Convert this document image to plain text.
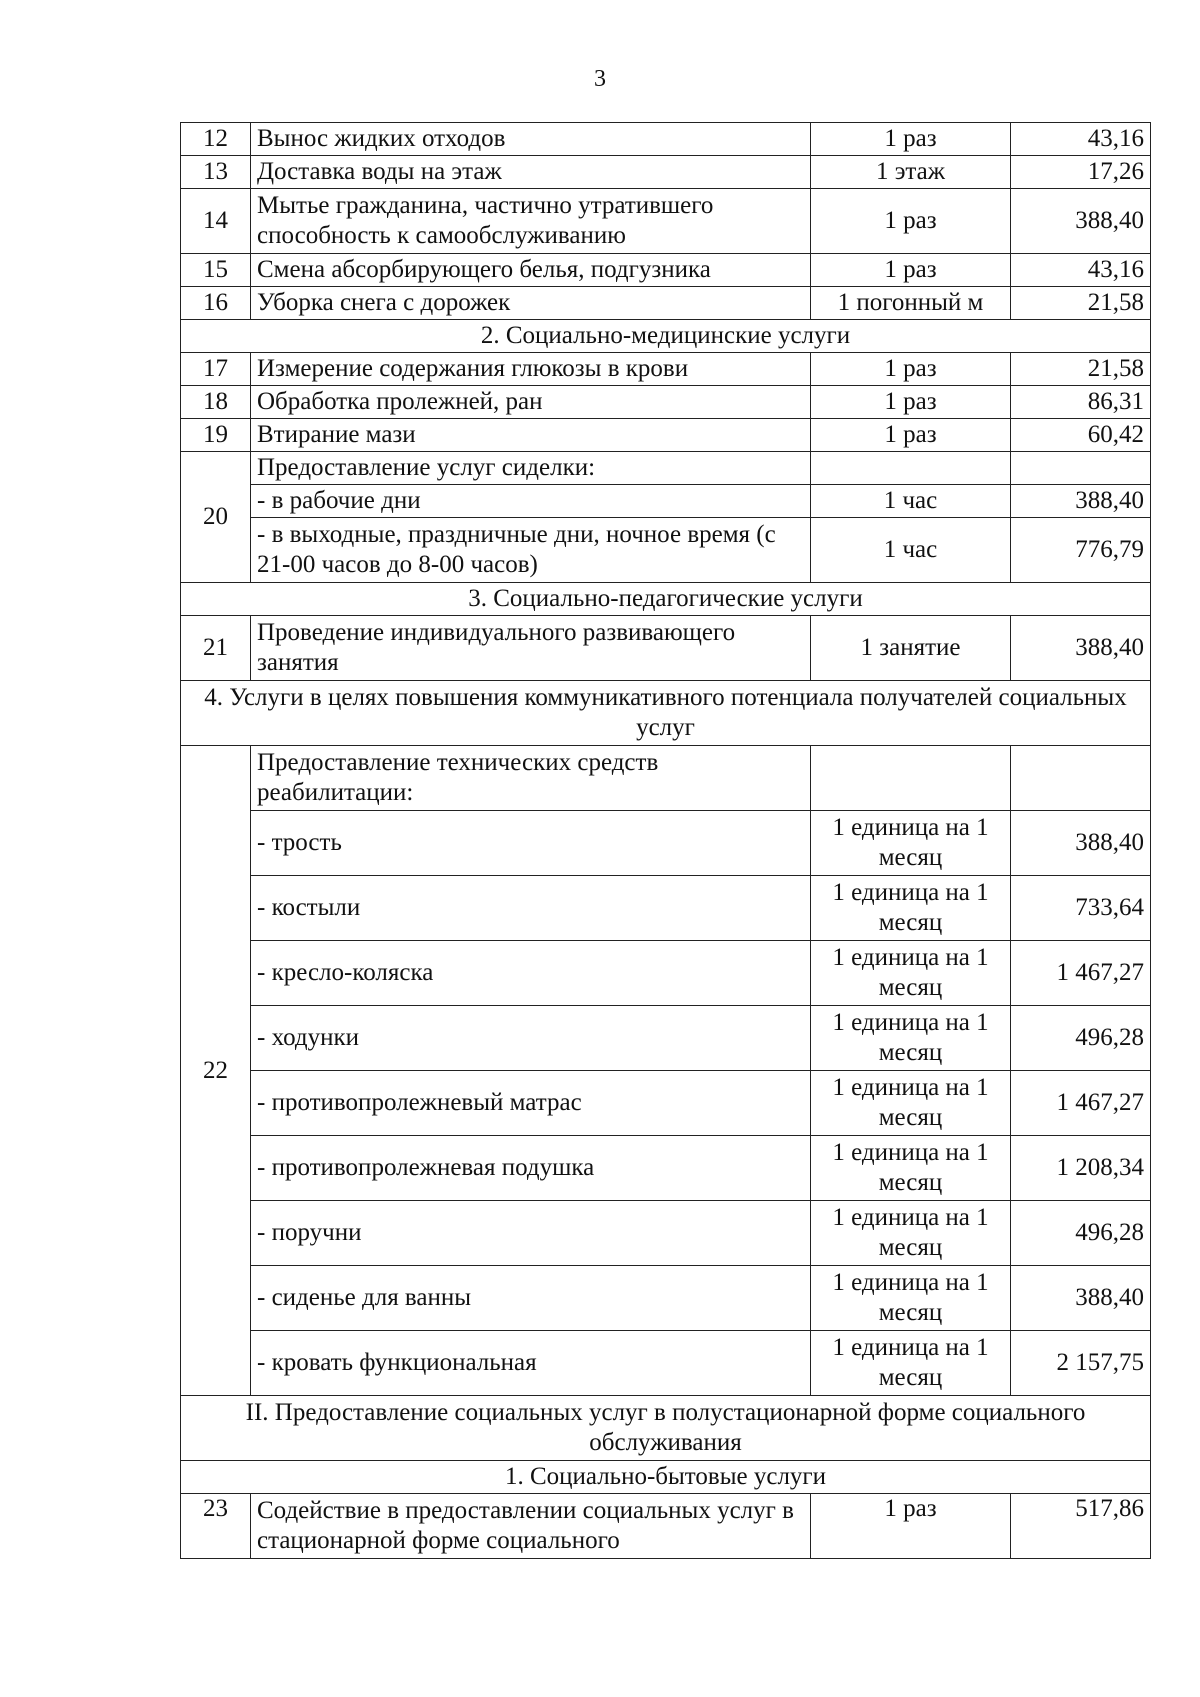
3
12	Вынос жидких отходов	1 раз	43,16
13	Доставка воды на этаж	1 этаж	17,26
14	Мытье гражданина, частично утратившего способность к самообслуживанию	1 раз	388,40
15	Смена абсорбирующего белья, подгузника	1 раз	43,16
16	Уборка снега с дорожек	1 погонный м	21,58
2. Социально-медицинские услуги			
17	Измерение содержания глюкозы в крови	1 раз	21,58
18	Обработка пролежней, ран	1 раз	86,31
19	Втирание мази	1 раз	60,42
20	Предоставление услуг сиделки:		
	- в рабочие дни	1 час	388,40
	- в выходные, праздничные дни, ночное время (с 21-00 часов до 8-00 часов)	1 час	776,79
3. Социально-педагогические услуги			
21	Проведение индивидуального развивающего занятия	1 занятие	388,40
4. Услуги в целях повышения коммуникативного потенциала получателей социальных услуг			
22	Предоставление технических средств реабилитации:		
	- трость	1 единица на 1 месяц	388,40
	- костыли	1 единица на 1 месяц	733,64
	- кресло-коляска	1 единица на 1 месяц	1 467,27
	- ходунки	1 единица на 1 месяц	496,28
	- противопролежневый матрас	1 единица на 1 месяц	1 467,27
	- противопролежневая подушка	1 единица на 1 месяц	1 208,34
	- поручни	1 единица на 1 месяц	496,28
	- сиденье для ванны	1 единица на 1 месяц	388,40
	- кровать функциональная	1 единица на 1 месяц	2 157,75
II. Предоставление социальных услуг в полустационарной форме социального обслуживания			
1. Социально-бытовые услуги			
23	Содействие в предоставлении социальных услуг в стационарной форме социального	1 раз	517,86
